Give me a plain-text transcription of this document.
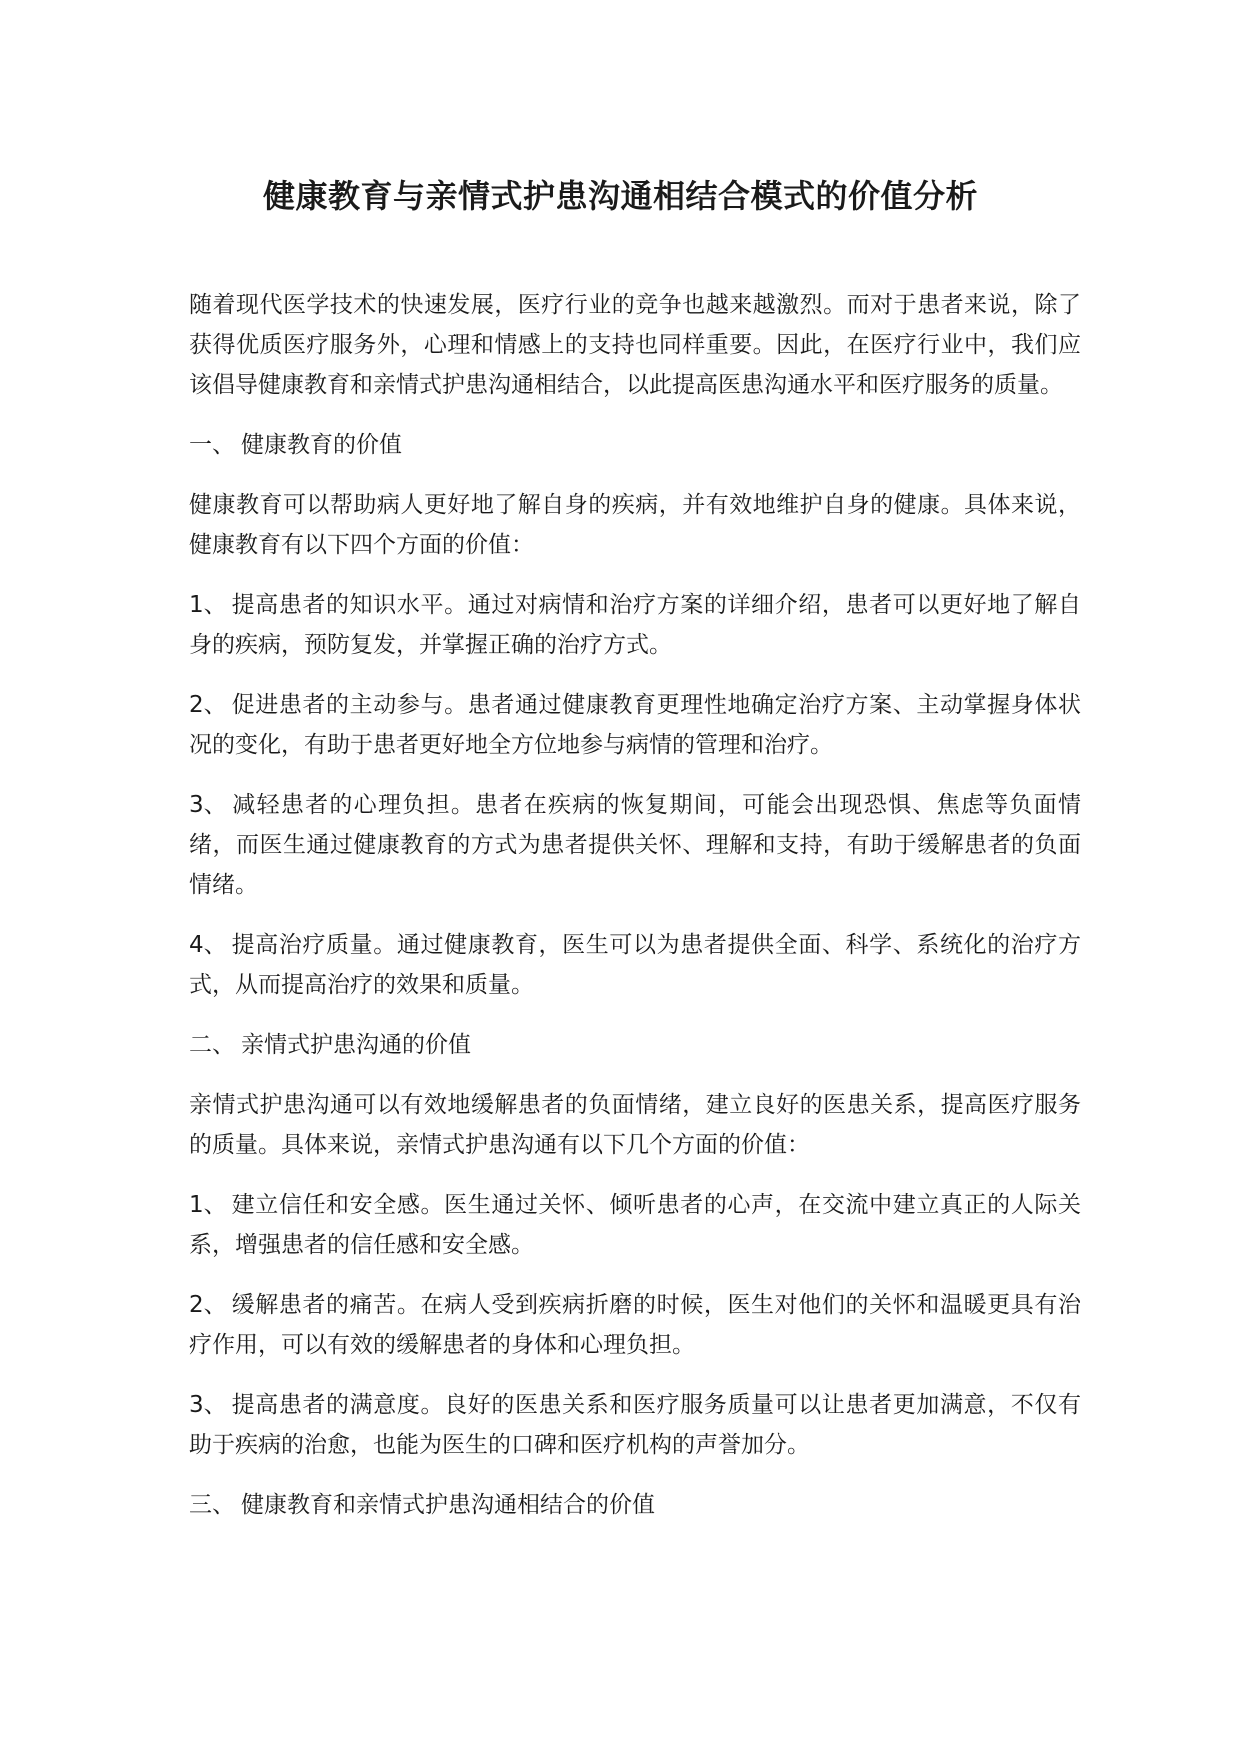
健康教育与亲情式护患沟通相结合模式的价值分析

随着现代医学技术的快速发展，医疗行业的竞争也越来越激烈。而对于患者来说，除了获得优质医疗服务外，心理和情感上的支持也同样重要。因此，在医疗行业中，我们应该倡导健康教育和亲情式护患沟通相结合，以此提高医患沟通水平和医疗服务的质量。

一、 健康教育的价值

健康教育可以帮助病人更好地了解自身的疾病，并有效地维护自身的健康。具体来说，健康教育有以下四个方面的价值：

1、 提高患者的知识水平。通过对病情和治疗方案的详细介绍，患者可以更好地了解自身的疾病，预防复发，并掌握正确的治疗方式。

2、 促进患者的主动参与。患者通过健康教育更理性地确定治疗方案、主动掌握身体状况的变化，有助于患者更好地全方位地参与病情的管理和治疗。

3、 减轻患者的心理负担。患者在疾病的恢复期间，可能会出现恐惧、焦虑等负面情绪，而医生通过健康教育的方式为患者提供关怀、理解和支持，有助于缓解患者的负面情绪。

4、 提高治疗质量。通过健康教育，医生可以为患者提供全面、科学、系统化的治疗方式，从而提高治疗的效果和质量。

二、 亲情式护患沟通的价值

亲情式护患沟通可以有效地缓解患者的负面情绪，建立良好的医患关系，提高医疗服务的质量。具体来说，亲情式护患沟通有以下几个方面的价值：

1、 建立信任和安全感。医生通过关怀、倾听患者的心声，在交流中建立真正的人际关系，增强患者的信任感和安全感。

2、 缓解患者的痛苦。在病人受到疾病折磨的时候，医生对他们的关怀和温暖更具有治疗作用，可以有效的缓解患者的身体和心理负担。

3、 提高患者的满意度。良好的医患关系和医疗服务质量可以让患者更加满意，不仅有助于疾病的治愈，也能为医生的口碑和医疗机构的声誉加分。

三、 健康教育和亲情式护患沟通相结合的价值
